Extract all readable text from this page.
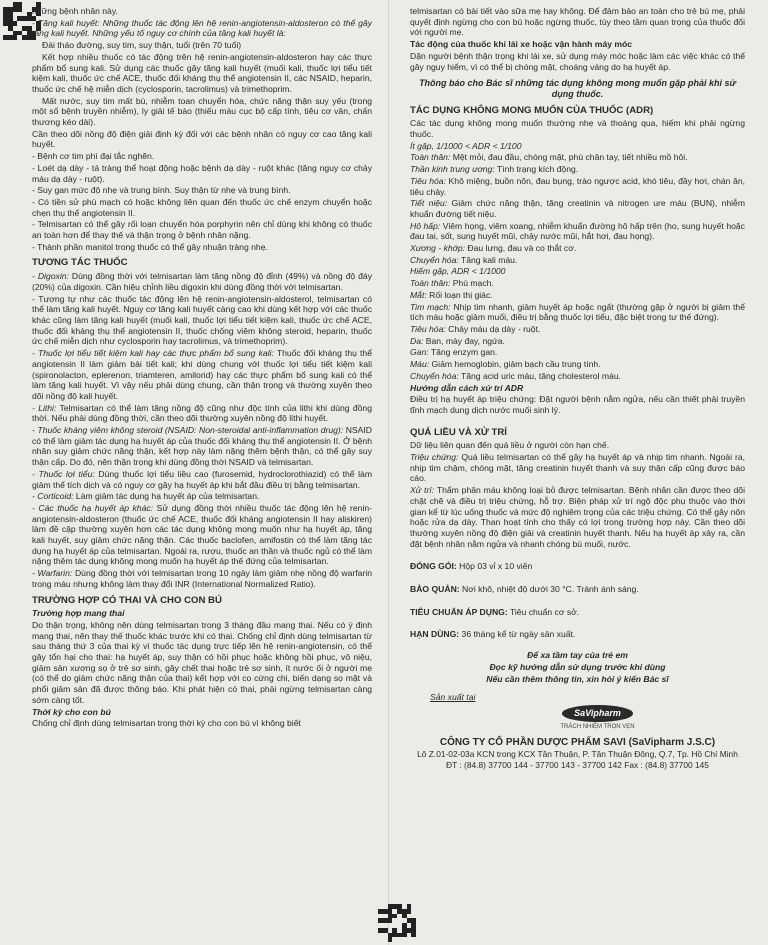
những bệnh nhân này.

- Tăng kali huyết: Những thuốc tác động lên hệ renin-angiotensin-aldosteron có thể gây tăng kali huyết. Những yếu tố nguy cơ chính của tăng kali huyết là:

Đái tháo đường, suy tim, suy thận, tuổi (trên 70 tuổi)

Kết hợp nhiều thuốc có tác động trên hệ renin-angiotensin-aldosteron hay các thực phẩm bổ sung kali. Sử dụng các thuốc gây tăng kali huyết (muối kali, thuốc lợi tiểu tiết kiệm kali, thuốc ức chế ACE, thuốc đối kháng thụ thể angiotensin II, các NSAID, heparin, thuốc ức chế hệ miễn dịch (cyclosporin, tacrolimus) và trimethoprim.

Mất nước, suy tim mất bù, nhiễm toan chuyển hóa, chức năng thận suy yếu (trong một số bệnh truyền nhiễm), ly giải tế bào (thiếu máu cục bộ cấp tính, tiêu cơ vân, chấn thương kéo dài).

Cần theo dõi nồng độ điện giải định kỳ đối với các bệnh nhân có nguy cơ cao tăng kali huyết.

- Bệnh cơ tim phì đại tắc nghẽn.

- Loét dạ dày - tá tràng thể hoạt động hoặc bệnh dạ dày - ruột khác (tăng nguy cơ chảy máu dạ dày - ruột).

- Suy gan mức độ nhẹ và trung bình. Suy thận từ nhẹ và trung bình.

- Có tiền sử phù mạch có hoặc không liên quan đến thuốc ức chế enzym chuyển hoặc chẹn thụ thể angiotensin II.

- Telmisartan có thể gây rối loạn chuyển hóa porphyrin nên chỉ dùng khi không có thuốc an toàn hơn để thay thế và thận trọng ở bệnh nhân nặng.

- Thành phần manitol trong thuốc có thể gây nhuận tràng nhẹ.

TƯƠNG TÁC THUỐC

- Digoxin: Dùng đồng thời với telmisartan làm tăng nồng độ đỉnh (49%) và nồng độ đáy (20%) của digoxin. Cần hiệu chỉnh liều digoxin khi dùng đồng thời với telmisartan.

- Tương tự như các thuốc tác động lên hệ renin-angiotensin-aldosterol, telmisartan có thể làm tăng kali huyết. Nguy cơ tăng kali huyết càng cao khi dùng kết hợp với các thuốc khác cũng làm tăng kali huyết (muối kali, thuốc lợi tiểu tiết kiệm kali, thuốc ức chế ACE, thuốc đối kháng thụ thể angiotensin II, thuốc chống viêm không steroid, heparin, thuốc ức chế miễn dịch như cyclosporin hay tacrolimus, và trimethoprim).

- Thuốc lợi tiểu tiết kiệm kali hay các thực phẩm bổ sung kali: Thuốc đối kháng thụ thể angiotensin II làm giảm bài tiết kali; khi dùng chung với thuốc lợi tiểu tiết kiệm kali (spironolacton, eplerenon, triamteren, amilorid) hay các thực phẩm bổ sung kali có thể làm tăng kali huyết. Vì vậy nếu phải dùng chung, cần thận trọng và thường xuyên theo dõi nồng độ kali huyết.

- Lithi: Telmisartan có thể làm tăng nồng độ cũng như độc tính của lithi khi dùng đồng thời. Nếu phải dùng đồng thời, cần theo dõi thường xuyên nồng độ lithi huyết.

- Thuốc kháng viêm không steroid (NSAID: Non-steroidal anti-inflammation drug): NSAID có thể làm giảm tác dụng hạ huyết áp của thuốc đối kháng thụ thể angiotensin II. Ở bệnh nhân suy giảm chức năng thận, kết hợp này làm nặng thêm bệnh thận, có thể gây suy thận cấp. Do đó, nên thận trọng khi dùng đồng thời NSAID và telmisartan.

- Thuốc lợi tiểu: Dùng thuốc lợi tiểu liều cao (furosemid, hydroclorothiazid) có thể làm giảm thể tích dịch và có nguy cơ gây hạ huyết áp khi bắt đầu điều trị bằng telmisartan.

- Corticoid: Làm giảm tác dụng hạ huyết áp của telmisartan.

- Các thuốc hạ huyết áp khác: Sử dụng đồng thời nhiều thuốc tác động lên hệ renin-angiotensin-aldosteron (thuốc ức chế ACE, thuốc đối kháng angiotensin II hay aliskiren) làm đề cập thường xuyên hơn các tác dụng không mong muốn như hạ huyết áp, tăng kali huyết, suy giảm chức năng thận. Các thuốc baclofen, amifostin có thể làm tăng tác dụng hạ huyết áp của telmisartan. Ngoài ra, rượu, thuốc an thần và thuốc ngủ có thể làm nặng thêm tác dụng không mong muốn hạ huyết áp thế đứng của telmisartan.

- Warfarin: Dùng đồng thời với telmisartan trong 10 ngày làm giảm nhẹ nồng độ warfarin trong máu nhưng không làm thay đổi INR (International Normalized Ratio).

TRƯỜNG HỢP CÓ THAI VÀ CHO CON BÚ

Trường hợp mang thai

Do thận trọng, không nên dùng telmisartan trong 3 tháng đầu mang thai. Nếu có ý định mang thai, nên thay thế thuốc khác trước khi có thai. Chống chỉ định dùng telmisartan từ sau tháng thứ 3 của thai kỳ vì thuốc tác dụng trực tiếp lên hệ renin-angiotensin, có thể gây tổn hại cho thai: hạ huyết áp, suy thận có hồi phục hoặc không hồi phục, vô niệu, giảm sản xương sọ ở trẻ sơ sinh, gây chết thai hoặc trẻ sơ sinh, ít nước ối ở người mẹ (có thể do giảm chức năng thận của thai) kết hợp với co cứng chi, biến dạng sọ mặt và phổi giảm sản đã được thông báo. Khi phát hiện có thai, phải ngừng telmisartan càng sớm càng tốt.

Thời kỳ cho con bú

Chống chỉ định dùng telmisartan trong thời kỳ cho con bú vì không biết

telmisartan có bài tiết vào sữa mẹ hay không. Để đảm bảo an toàn cho trẻ bú mẹ, phải quyết định ngừng cho con bú hoặc ngừng thuốc, tùy theo tầm quan trọng của thuốc đối với người mẹ.

Tác động của thuốc khi lái xe hoặc vận hành máy móc

Dặn người bệnh thận trọng khi lái xe, sử dụng máy móc hoặc làm các việc khác có thể gây nguy hiểm, vì có thể bị chóng mặt, choáng váng do hạ huyết áp.

Thông báo cho Bác sĩ những tác dụng không mong muốn gặp phải khi sử dụng thuốc.

TÁC DỤNG KHÔNG MONG MUỐN CỦA THUỐC (ADR)

Các tác dụng không mong muốn thường nhẹ và thoáng qua, hiếm khi phải ngừng thuốc.

Ít gặp, 1/1000 < ADR < 1/100

Toàn thân: Mệt mỏi, đau đầu, chóng mặt, phù chân tay, tiết nhiều mồ hôi.

Thần kinh trung ương: Tình trạng kích động.

Tiêu hóa: Khô miệng, buồn nôn, đau bụng, trào ngược acid, khó tiêu, đầy hơi, chán ăn, tiêu chảy.

Tiết niệu: Giảm chức năng thận, tăng creatinin và nitrogen ure máu (BUN), nhiễm khuẩn đường tiết niệu.

Hô hấp: Viêm họng, viêm xoang, nhiễm khuẩn đường hô hấp trên (ho, sung huyết hoặc đau tai, sốt, sung huyết mũi, chảy nước mũi, hắt hơi, đau họng).

Xương - khớp: Đau lưng, đau và co thắt cơ.

Chuyển hóa: Tăng kali máu.

Hiếm gặp, ADR < 1/1000

Toàn thân: Phù mạch.

Mắt: Rối loạn thị giác.

Tim mạch: Nhịp tim nhanh, giảm huyết áp hoặc ngất (thường gặp ở người bị giảm thể tích máu hoặc giảm muối, điều trị bằng thuốc lợi tiểu, đặc biệt trong tư thế đứng).

Tiêu hóa: Chảy máu dạ dày - ruột.

Da: Ban, mày đay, ngứa.

Gan: Tăng enzym gan.

Máu: Giảm hemoglobin, giảm bạch cầu trung tính.

Chuyển hóa: Tăng acid uric máu, tăng cholesterol máu.

Hướng dẫn cách xử trí ADR

Điều trị hạ huyết áp triệu chứng: Đặt người bệnh nằm ngửa, nếu cần thiết phải truyền tĩnh mạch dung dịch nước muối sinh lý.

QUÁ LIỀU VÀ XỬ TRÍ

Dữ liệu liên quan đến quá liều ở người còn hạn chế.

Triệu chứng: Quá liều telmisartan có thể gây hạ huyết áp và nhịp tim nhanh. Ngoài ra, nhịp tim chậm, chóng mặt, tăng creatinin huyết thanh và suy thận cấp cũng được báo cáo.

Xử trí: Thẩm phân máu không loại bỏ được telmisartan. Bệnh nhân cần được theo dõi chặt chẽ và điều trị triệu chứng, hỗ trợ. Biện pháp xử trí ngộ độc phụ thuộc vào thời gian kể từ lúc uống thuốc và mức độ nghiêm trọng của các triệu chứng. Có thể gây nôn hoặc rửa dạ dày. Than hoạt tính cho thấy có lợi trong trường hợp này. Cần theo dõi thường xuyên nồng độ điện giải và creatinin huyết thanh. Nếu hạ huyết áp xảy ra, cần đặt bệnh nhân nằm ngửa và nhanh chóng bù muối, nước.

ĐÓNG GÓI: Hộp 03 vỉ x 10 viên

BẢO QUẢN: Nơi khô, nhiệt độ dưới 30 °C. Tránh ánh sáng.

TIÊU CHUẨN ÁP DỤNG: Tiêu chuẩn cơ sở.

HẠN DÙNG: 36 tháng kể từ ngày sản xuất.

Để xa tầm tay của trẻ em

Đọc kỹ hướng dẫn sử dụng trước khi dùng

Nếu cần thêm thông tin, xin hỏi ý kiến Bác sĩ

Sản xuất tại

SaVipharm
TRÁCH NHIỆM TRỌN VẸN
CÔNG TY CỔ PHẦN DƯỢC PHẨM SAVI (SaVipharm J.S.C)
Lô Z.01-02-03a KCN trong KCX Tân Thuận, P. Tân Thuận Đông, Q.7, Tp. Hồ Chí Minh
ĐT : (84.8) 37700 144 - 37700 143 - 37700 142 Fax : (84.8) 37700 145
